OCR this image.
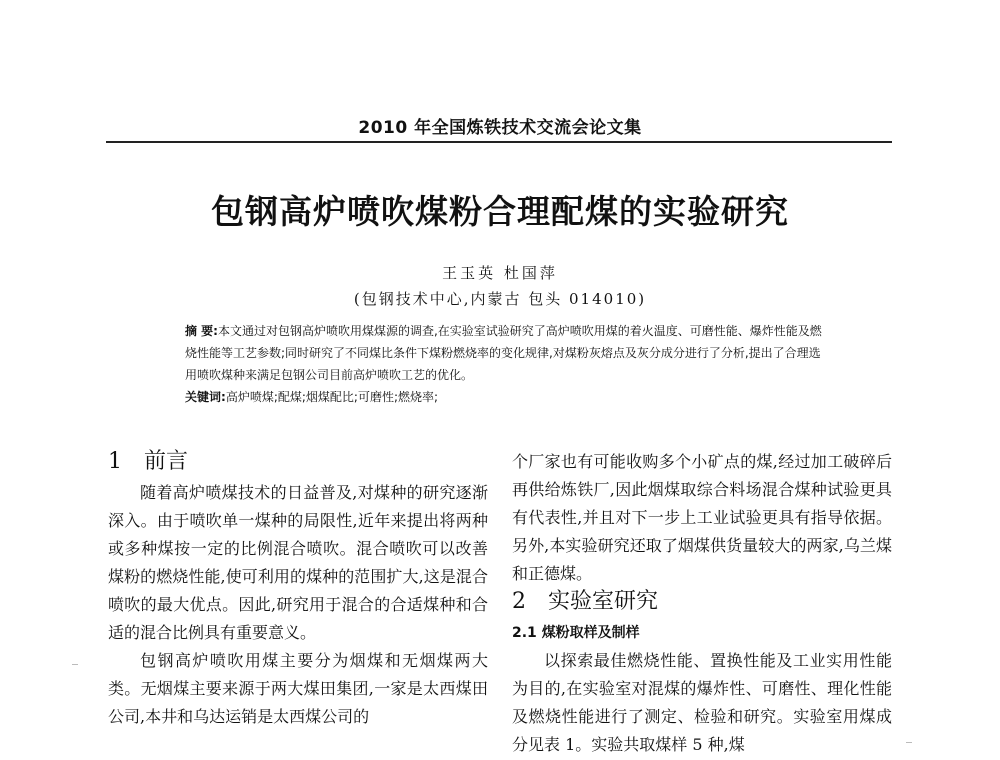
2010 年全国炼铁技术交流会论文集
包钢高炉喷吹煤粉合理配煤的实验研究
王玉英 杜国萍
(包钢技术中心,内蒙古 包头 014010)
摘 要:本文通过对包钢高炉喷吹用煤煤源的调查,在实验室试验研究了高炉喷吹用煤的着火温度、可磨性能、爆炸性能及燃烧性能等工艺参数;同时研究了不同煤比条件下煤粉燃烧率的变化规律,对煤粉灰熔点及灰分成分进行了分析,提出了合理选用喷吹煤种来满足包钢公司目前高炉喷吹工艺的优化。
关键词:高炉喷煤;配煤;烟煤配比;可磨性;燃烧率;
1 前言

随着高炉喷煤技术的日益普及,对煤种的研究逐渐深入。由于喷吹单一煤种的局限性,近年来提出将两种或多种煤按一定的比例混合喷吹。混合喷吹可以改善煤粉的燃烧性能,使可利用的煤种的范围扩大,这是混合喷吹的最大优点。因此,研究用于混合的合适煤种和合适的混合比例具有重要意义。

包钢高炉喷吹用煤主要分为烟煤和无烟煤两大类。无烟煤主要来源于两大煤田集团,一家是太西煤田公司,本井和乌达运销是太西煤公司的

个厂家也有可能收购多个小矿点的煤,经过加工破碎后再供给炼铁厂,因此烟煤取综合料场混合煤种试验更具有代表性,并且对下一步上工业试验更具有指导依据。另外,本实验研究还取了烟煤供货量较大的两家,乌兰煤和正德煤。

2 实验室研究
2.1 煤粉取样及制样

以探索最佳燃烧性能、置换性能及工业实用性能为目的,在实验室对混煤的爆炸性、可磨性、理化性能及燃烧性能进行了测定、检验和研究。实验室用煤成分见表 1。实验共取煤样 5 种,煤
